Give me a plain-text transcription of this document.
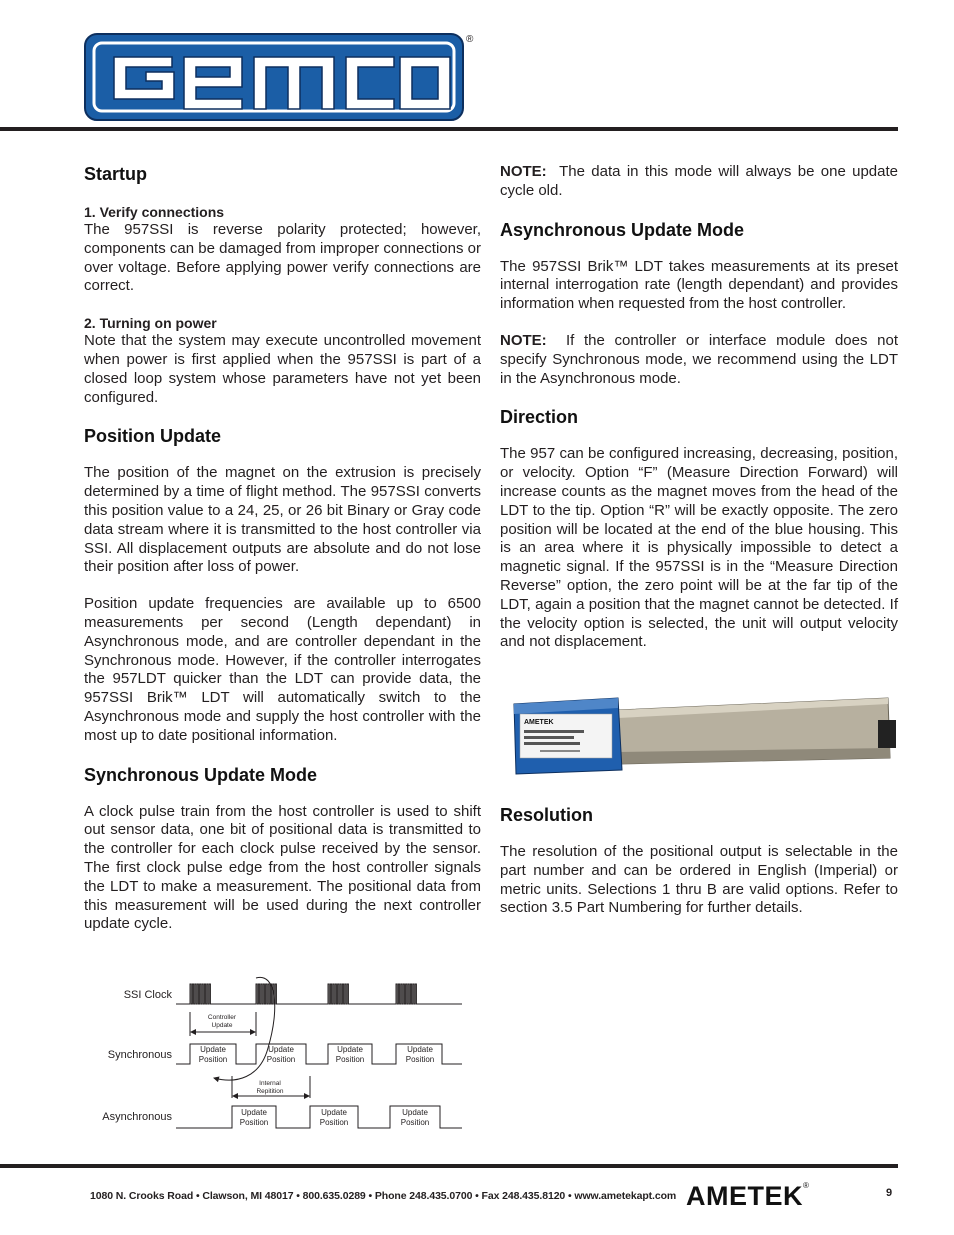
®
Startup
1. Verify connections

The 957SSI is reverse polarity protected; however, components can be damaged from improper connections or over voltage. Before applying power verify connections are correct.

2. Turning on power

Note that the system may execute uncontrolled movement when power is first applied when the 957SSI is part of a closed loop system whose parameters have not yet been configured.

Position Update

The position of the magnet on the extrusion is precisely determined by a time of flight method. The 957SSI converts this position value to a 24, 25, or 26 bit Binary or Gray code data stream where it is transmitted to the host controller via SSI. All displacement outputs are absolute and do not lose their position after loss of power.

Position update frequencies are available up to 6500 measurements per second (Length dependant) in Asynchronous mode, and are controller dependant in the Synchronous mode. However, if the controller interrogates the 957LDT quicker than the LDT can provide data, the 957SSI Brik™ LDT will automatically switch to the Asynchronous mode and supply the host controller with the most up to date positional information.

Synchronous Update Mode

A clock pulse train from the host controller is used to shift out sensor data, one bit of positional data is transmitted to the controller for each clock pulse received by the sensor. The first clock pulse edge from the host controller signals the LDT to make a measurement. The positional data from this measurement will be used during the next controller update cycle.

NOTE: The data in this mode will always be one update cycle old.

Asynchronous Update Mode

The 957SSI Brik™ LDT takes measurements at its preset internal interrogation rate (length dependant) and provides information when requested from the host controller.

NOTE: If the controller or interface module does not specify Synchronous mode, we recommend using the LDT in the Asynchronous mode.

Direction

The 957 can be configured increasing, decreasing, position, or velocity. Option “F” (Measure Direction Forward) will increase counts as the magnet moves from the head of the LDT to the tip. Option “R” will be exactly opposite. The zero position will be located at the end of the blue housing. This is an area where it is physically impossible to detect a magnetic signal. If the 957SSI is in the “Measure Direction Reverse” option, the zero point will be at the far tip of the LDT, again a position that the magnet cannot be detected. If the velocity option is selected, the unit will output velocity and not displacement.

AMETEK
Resolution

The resolution of the positional output is selectable in the part number and can be ordered in English (Imperial) or metric units. Selections 1 thru B are valid options. Refer to section 3.5 Part Numbering for further details.

SSI Clock
Synchronous
Asynchronous
Update
Position
Update
Position
Update
Position
Update
Position
Controller
Update
Internal
Repitition
Update
Position
Update
Position
Update
Position
1080 N. Crooks Road • Clawson, MI 48017 • 800.635.0289 • Phone 248.435.0700 • Fax 248.435.8120 • www.ametekapt.com AMETEK®
9
